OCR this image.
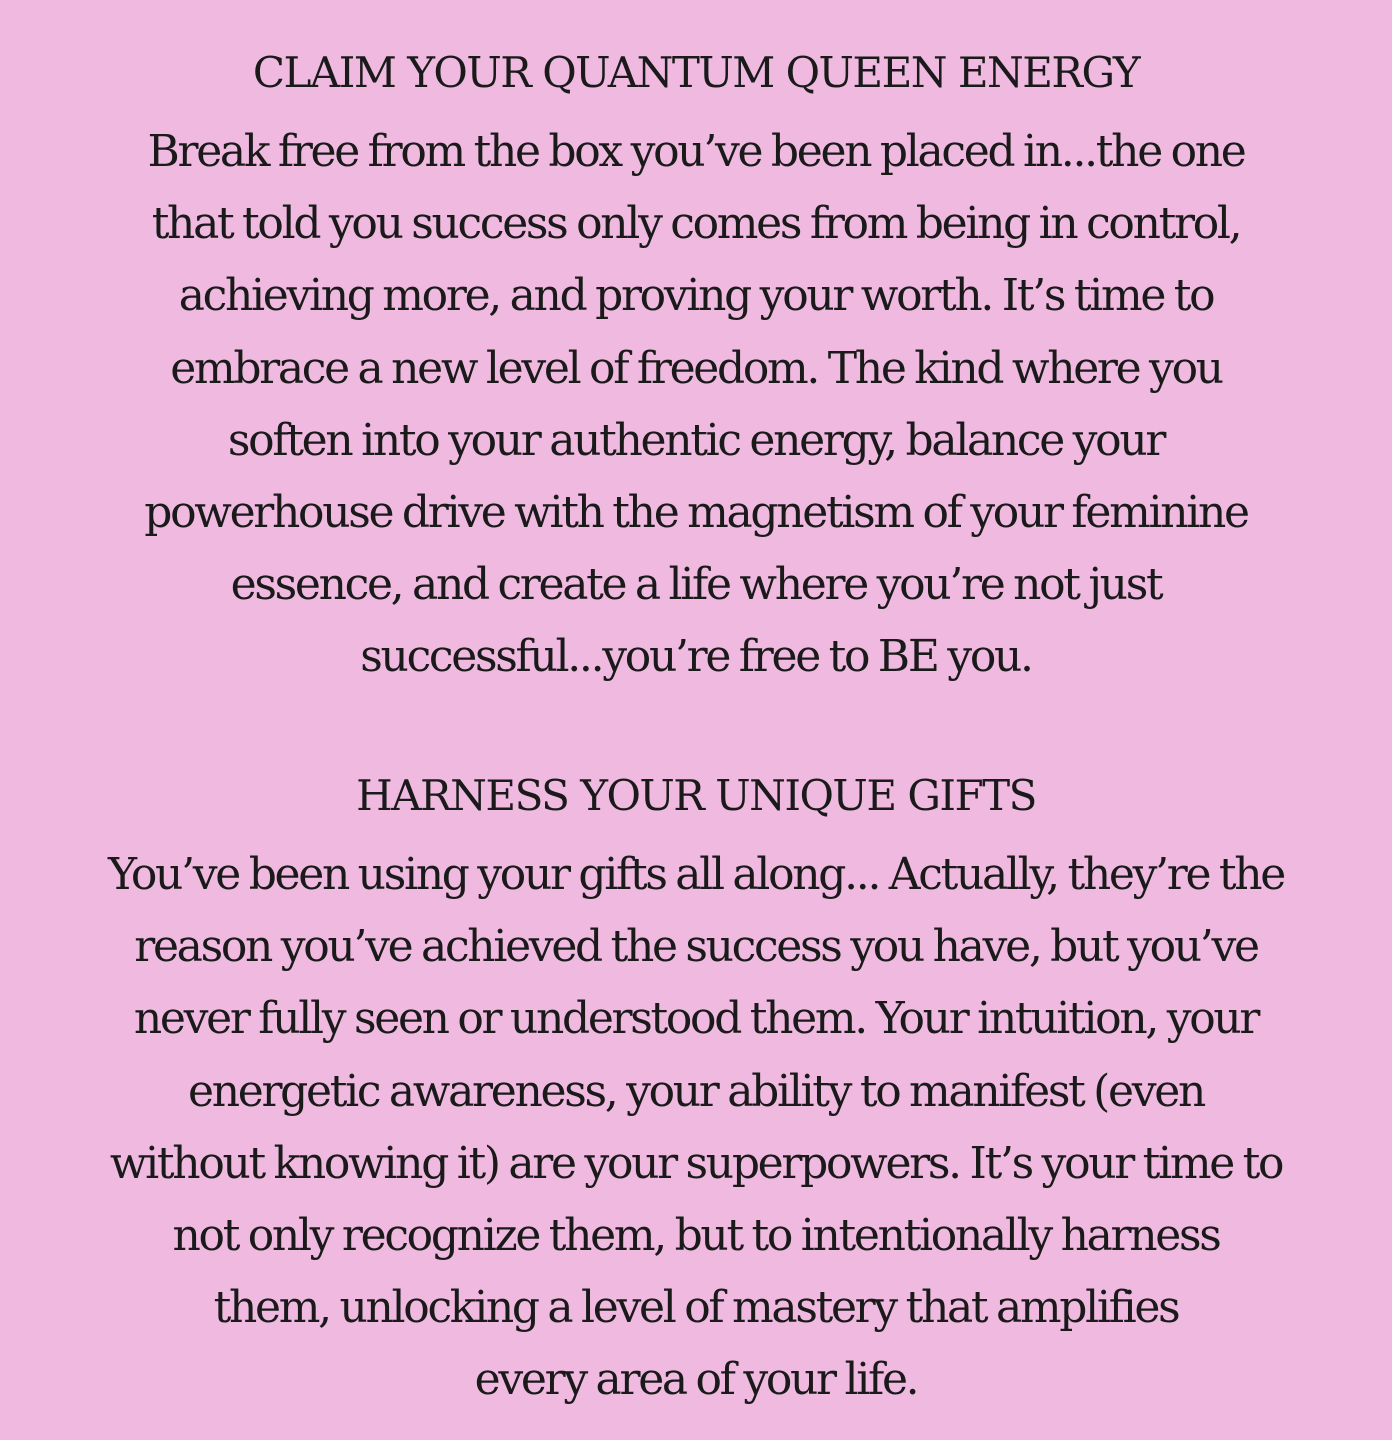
CLAIM YOUR QUANTUM QUEEN ENERGY
Break free from the box you’ve been placed in...the one
that told you success only comes from being in control,
achieving more, and proving your worth. It’s time to
embrace a new level of freedom. The kind where you
soften into your authentic energy, balance your
powerhouse drive with the magnetism of your feminine
essence, and create a life where you’re not just
successful...you’re free to BE you.
HARNESS YOUR UNIQUE GIFTS
You’ve been using your gifts all along... Actually, they’re the
reason you’ve achieved the success you have, but you’ve
never fully seen or understood them. Your intuition, your
energetic awareness, your ability to manifest (even
without knowing it) are your superpowers. It’s your time to
not only recognize them, but to intentionally harness
them, unlocking a level of mastery that amplifies
every area of your life.
